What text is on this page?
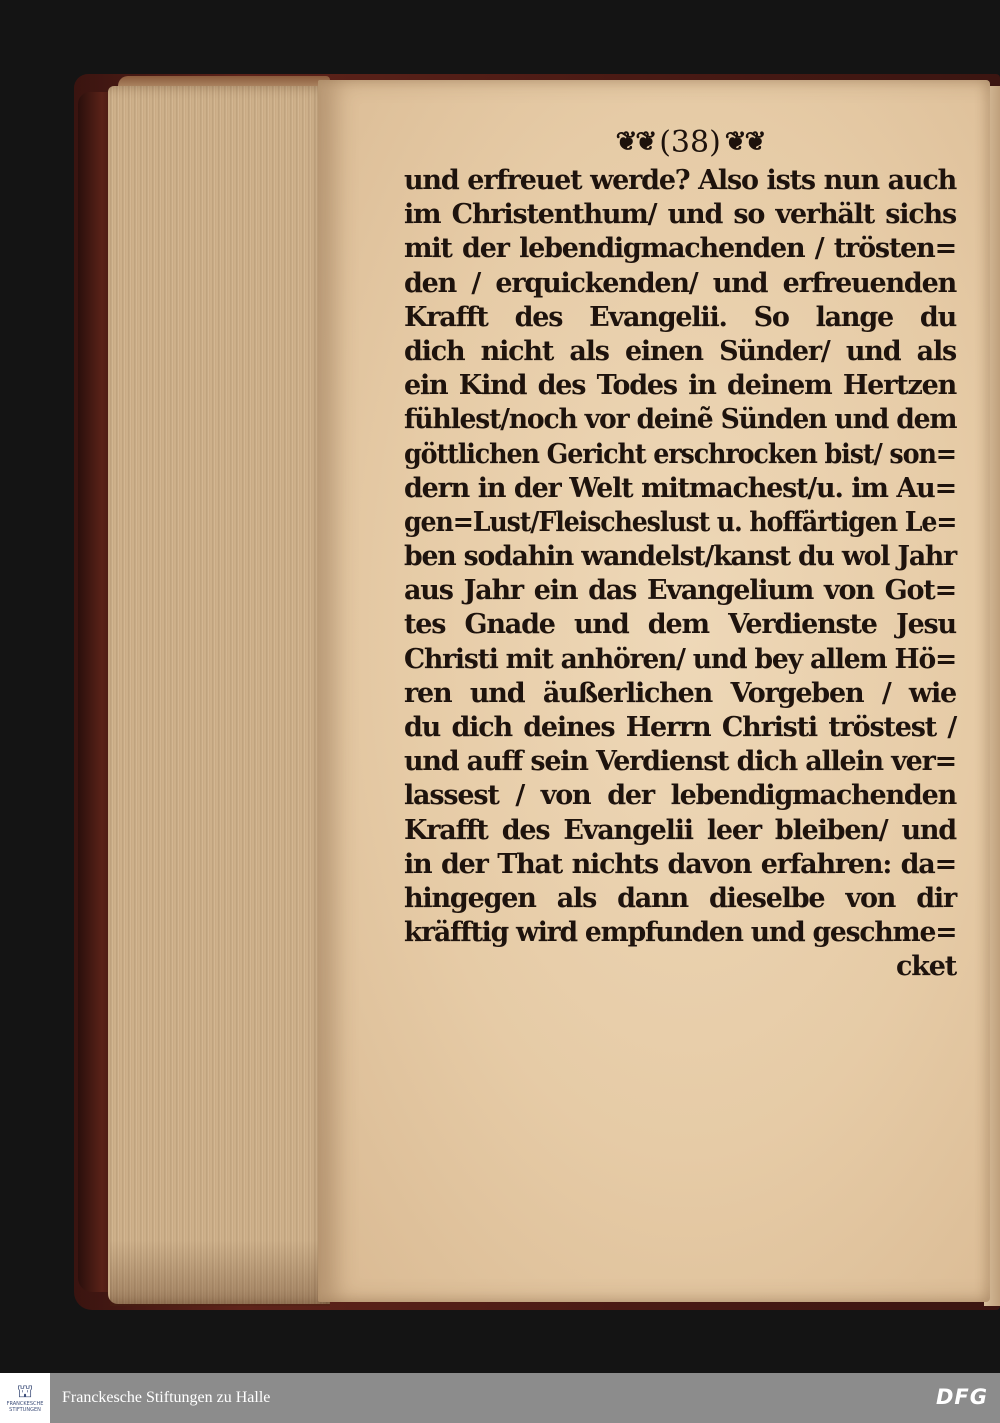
❦❦ (38) ❦❦
und erfreuet werde? Also ists nun auch
im Christenthum/ und so verhält sichs
mit der lebendigmachenden / trösten=
den / erquickenden/ und erfreuenden
Krafft des Evangelii. So lange du
dich nicht als einen Sünder/ und als
ein Kind des Todes in deinem Hertzen
fühlest/noch vor deinẽ Sünden und dem
göttlichen Gericht erschrocken bist/ son=
dern in der Welt mitmachest/u. im Au=
gen=Lust/Fleischeslust u. hoffärtigen Le=
ben sodahin wandelst/kanst du wol Jahr
aus Jahr ein das Evangelium von Got=
tes Gnade und dem Verdienste Jesu
Christi mit anhören/ und bey allem Hö=
ren und äußerlichen Vorgeben / wie
du dich deines Herrn Christi tröstest /
und auff sein Verdienst dich allein ver=
lassest / von der lebendigmachenden
Krafft des Evangelii leer bleiben/ und
in der That nichts davon erfahren: da=
hingegen als dann dieselbe von dir
kräfftig wird empfunden und geschme=
cket
⛫
FRANCKESCHE STIFTUNGEN
Franckesche Stiftungen zu Halle	DFG
